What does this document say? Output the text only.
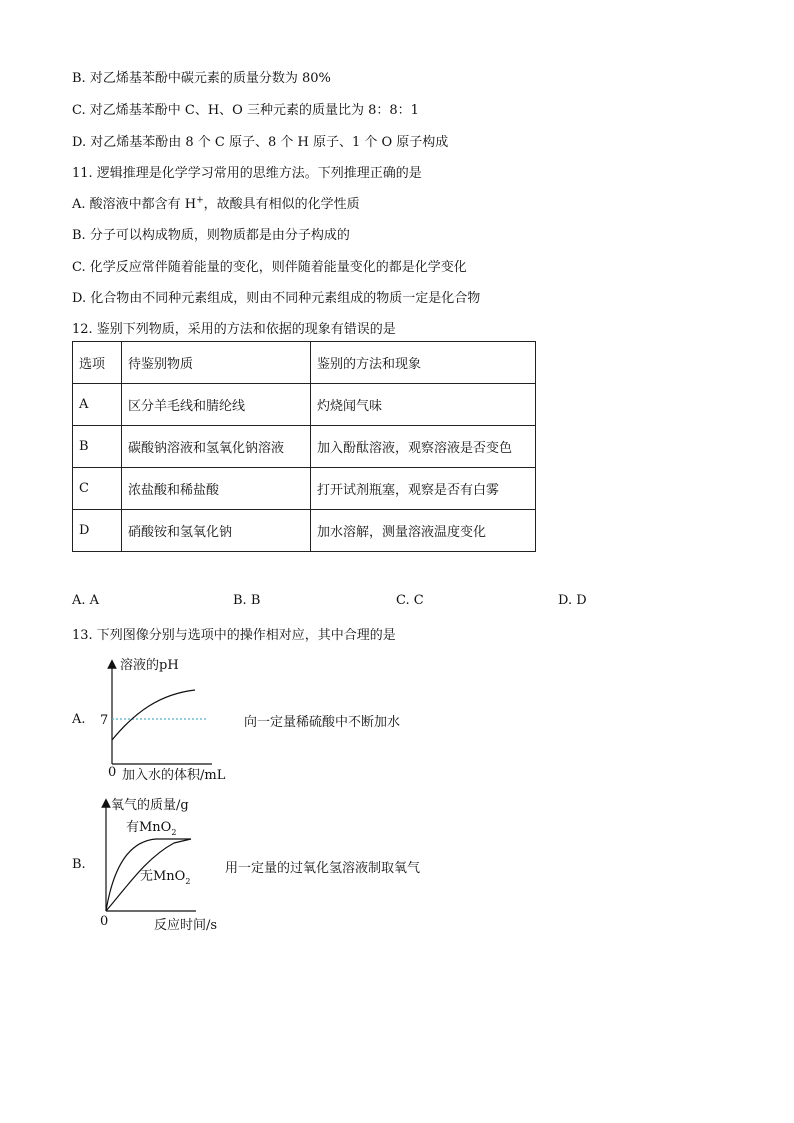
B. 对乙烯基苯酚中碳元素的质量分数为 80%
C. 对乙烯基苯酚中 C、H、O 三种元素的质量比为 8：8：1
D. 对乙烯基苯酚由 8 个 C 原子、8 个 H 原子、1 个 O 原子构成
11. 逻辑推理是化学学习常用的思维方法。下列推理正确的是
A. 酸溶液中都含有 H+，故酸具有相似的化学性质
B. 分子可以构成物质，则物质都是由分子构成的
C. 化学反应常伴随着能量的变化，则伴随着能量变化的都是化学变化
D. 化合物由不同种元素组成，则由不同种元素组成的物质一定是化合物
12. 鉴别下列物质，采用的方法和依据的现象有错误的是
选项	待鉴别物质	鉴别的方法和现象
A	区分羊毛线和腈纶线	灼烧闻气味
B	碳酸钠溶液和氢氧化钠溶液	加入酚酞溶液，观察溶液是否变色
C	浓盐酸和稀盐酸	打开试剂瓶塞，观察是否有白雾
D	硝酸铵和氢氧化钠	加水溶解，测量溶液温度变化
A. A	B. B	C. C	D. D
13. 下列图像分别与选项中的操作相对应，其中合理的是
A.
溶液的pH
7
0 加入水的体积/mL
向一定量稀硫酸中不断加水
B.
氧气的质量/g
有MnO$_2$
无MnO$_2$
0	反应时间/s
用一定量的过氧化氢溶液制取氧气
